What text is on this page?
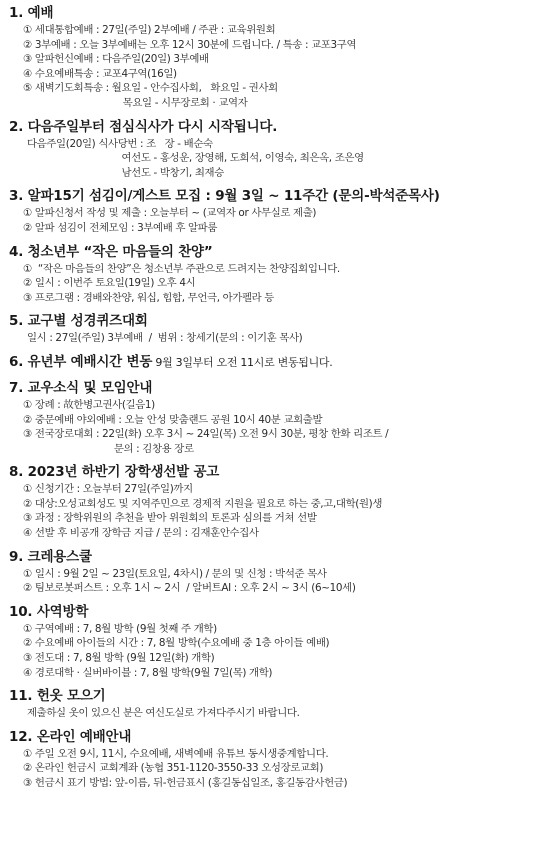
1. 예배
① 세대통합예배 : 27일(주일) 2부예배 / 주관 : 교육위원회
② 3부예배 : 오늘 3부예배는 오후 12시 30분에 드립니다. / 특송 : 교포3구역
③ 알파헌신예배 : 다음주일(20일) 3부예배
④ 수요예배특송 : 교포4구역(16일)
⑤ 새벽기도회특송 : 월요일 - 안수집사회,   화요일 - 권사회
목요일 - 시무장로회 · 교역자
2. 다음주일부터 점심식사가 다시 시작됩니다.
다음주일(20일) 식사당번 : 조   장 - 배순숙
여선도 - 홍성운, 장영해, 도희석, 이영숙, 최은옥, 조은영
남선도 - 박창기, 최재승
3. 알파15기 섬김이/게스트 모집 : 9월 3일 ~ 11주간 (문의-박석준목사)
① 알파신청서 작성 및 제출 : 오늘부터 ~ (교역자 or 사무실로 제출)
② 알파 섬김이 전체모임 : 3부예배 후 알파룸
4. 청소년부 “작은 마음들의 찬양”
①  “작은 마음들의 찬양”은 청소년부 주관으로 드려지는 찬양집회입니다.
② 일시 : 이번주 토요일(19일) 오후 4시
③ 프로그램 : 경배와찬양, 워십, 힙합, 무언극, 아가펠라 등
5. 교구별 성경퀴즈대회
일시 : 27일(주일) 3부예배  /  범위 : 창세기(문의 : 이기훈 목사)
6. 유년부 예배시간 변동 9월 3일부터 오전 11시로 변동됩니다.
7. 교우소식 및 모임안내
① 장례 : 故한병고권사(길음1)
② 중문예배 야외예배 : 오늘 안성 맞춤랜드 공원 10시 40분 교회출발
③ 전국장로대회 : 22일(화) 오후 3시 ~ 24일(목) 오전 9시 30분, 평창 한화 리조트 /
문의 : 김창용 장로
8. 2023년 하반기 장학생선발 공고
① 신청기간 : 오늘부터 27일(주일)까지
② 대상:오성교회성도 및 지역주민으로 경제적 지원을 필요로 하는 중,고,대학(원)생
③ 과정 : 장학위원의 추천을 받아 위원회의 토론과 심의를 거쳐 선발
④ 선발 후 비공개 장학금 지급 / 문의 : 김재훈안수집사
9. 크레용스쿨
① 일시 : 9월 2일 ~ 23일(토요일, 4차시) / 문의 및 신청 : 박석준 목사
② 팀보로봇퍼스트 : 오후 1시 ~ 2시  / 알버트AI : 오후 2시 ~ 3시 (6~10세)
10. 사역방학
① 구역예배 : 7, 8월 방학 (9월 첫째 주 개학)
② 수요예배 아이들의 시간 : 7, 8월 방학(수요예배 중 1층 아이들 예배)
③ 전도대 : 7, 8월 방학 (9월 12일(화) 개학)
④ 경로대학 · 실버바이블 : 7, 8월 방학(9월 7일(목) 개학)
11. 헌옷 모으기
제출하실 옷이 있으신 분은 여신도실로 가져다주시기 바랍니다.
12. 온라인 예배안내
① 주일 오전 9시, 11시, 수요예배, 새벽예배 유튜브 동시생중계합니다.
② 온라인 헌금시 교회계좌 (농협 351-1120-3550-33 오성장로교회)
③ 헌금시 표기 방법: 앞-이름, 뒤-헌금표시 (홍길동십일조, 홍길동감사헌금)
